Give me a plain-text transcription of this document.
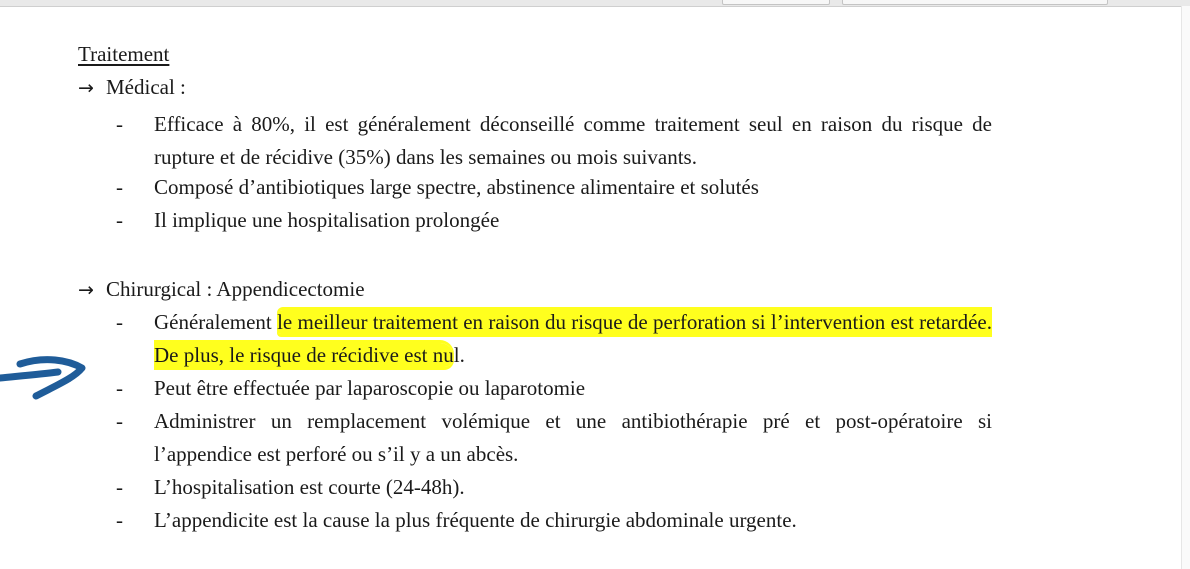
Traitement
→ Médical :
- Efficace à 80%, il est généralement déconseillé comme traitement seul en raison du risque de rupture et de récidive (35%) dans les semaines ou mois suivants.
- Composé d’antibiotiques large spectre, abstinence alimentaire et solutés
- Il implique une hospitalisation prolongée
→ Chirurgical : Appendicectomie
- Généralement le meilleur traitement en raison du risque de perforation si l’intervention est retardée. De plus, le risque de récidive est nul.
- Peut être effectuée par laparoscopie ou laparotomie
- Administrer un remplacement volémique et une antibiothérapie pré et post-opératoire si l’appendice est perforé ou s’il y a un abcès.
- L’hospitalisation est courte (24-48h).
- L’appendicite est la cause la plus fréquente de chirurgie abdominale urgente.
